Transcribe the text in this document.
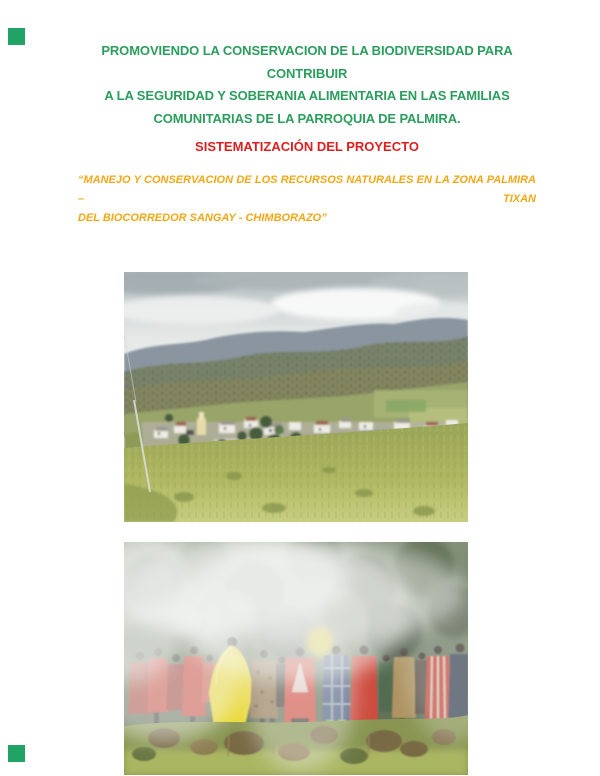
PROMOVIENDO LA CONSERVACION DE LA BIODIVERSIDAD PARA CONTRIBUIR
A LA SEGURIDAD Y SOBERANIA ALIMENTARIA EN LAS FAMILIAS
COMUNITARIAS DE LA PARROQUIA DE PALMIRA.
SISTEMATIZACIÓN DEL PROYECTO
“MANEJO Y CONSERVACION DE LOS RECURSOS NATURALES EN LA ZONA PALMIRA – TIXAN
DEL BIOCORREDOR SANGAY - CHIMBORAZO”
